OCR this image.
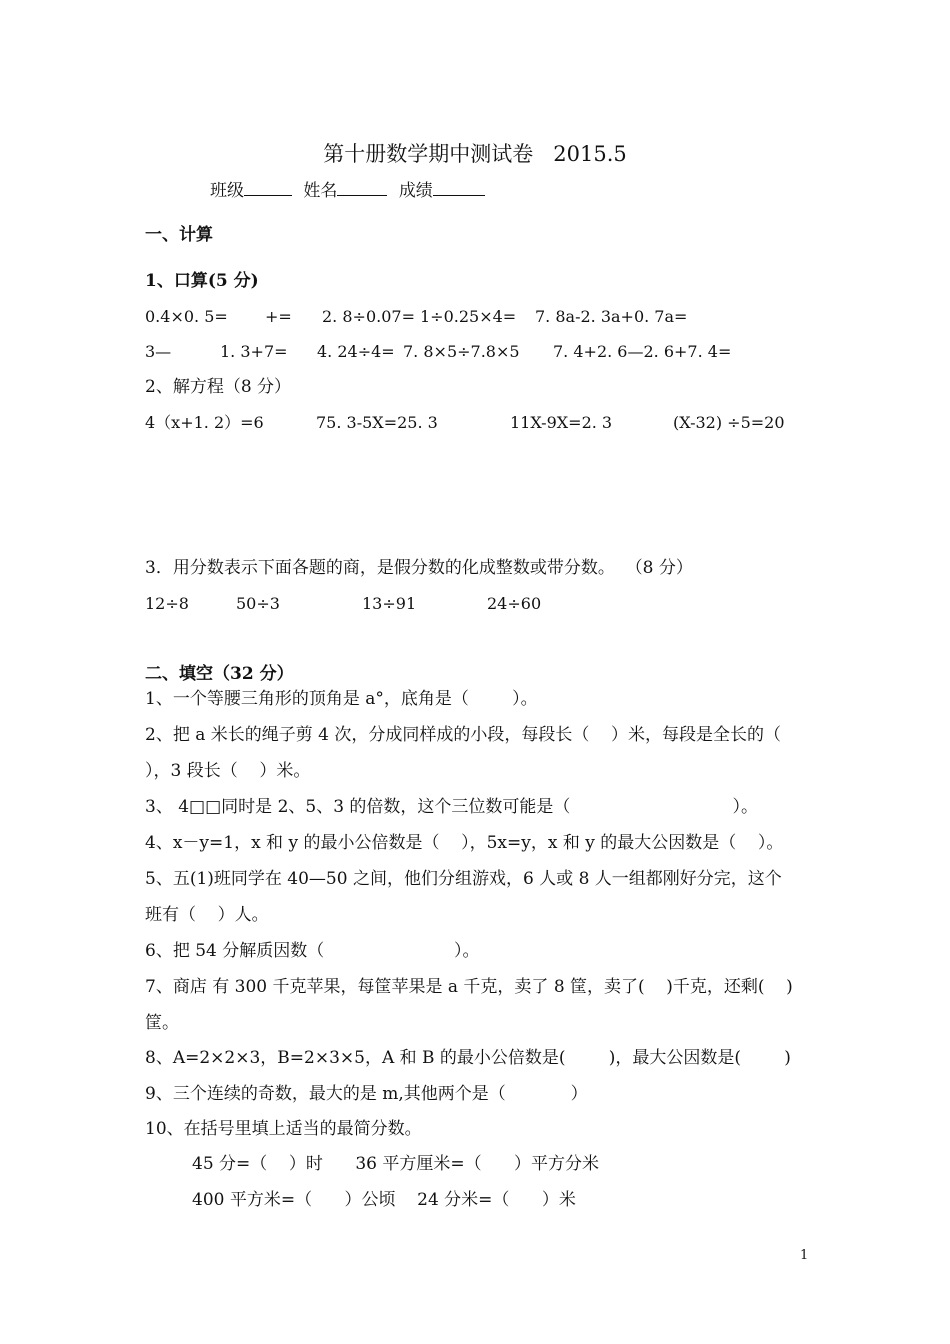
第十册数学期中测试卷   2015.5
班级	姓名	成绩
一、计算
1、口算(5 分)
0.4×0. 5= += 2. 8÷0.07= 1÷0.25×4= 7. 8a-2. 3a+0. 7a=
3—	1. 3+7= 4. 24÷4= 7. 8×5÷7.8×5 7. 4+2. 6—2. 6+7. 4=
2、解方程（8 分）
4（x+1. 2）=6	75. 3-5X=25. 3	11X-9X=2. 3	(X-32) ÷5=20
3．用分数表示下面各题的商，是假分数的化成整数或带分数。  （8 分）
12÷8	50÷3	13÷91	24÷60
二、填空（32 分）
1、一个等腰三角形的顶角是 a°，底角是（        ）。
2、把 a 米长的绳子剪 4 次，分成同样成的小段，每段长（    ）米，每段是全长的（
），3 段长（    ）米。
3、 4□□同时是 2、5、3 的倍数，这个三位数可能是（                              ）。
4、x－y=1，x 和 y 的最小公倍数是（    ），5x=y，x 和 y 的最大公因数是（    ）。
5、五(1)班同学在 40—50 之间，他们分组游戏，6 人或 8 人一组都刚好分完，这个
班有（    ）人。
6、把 54 分解质因数（                        ）。
7、商店 有 300 千克苹果，每筐苹果是 a 千克，卖了 8 筐，卖了(    )千克，还剩(    )
筐。
8、A=2×2×3，B=2×3×5，A 和 B 的最小公倍数是(        )，最大公因数是(        )
9、三个连续的奇数，最大的是 m,其他两个是（            ）
10、在括号里填上适当的最简分数。
45 分=（    ）时      36 平方厘米=（      ）平方分米
400 平方米=（      ）公顷    24 分米=（      ）米
1
